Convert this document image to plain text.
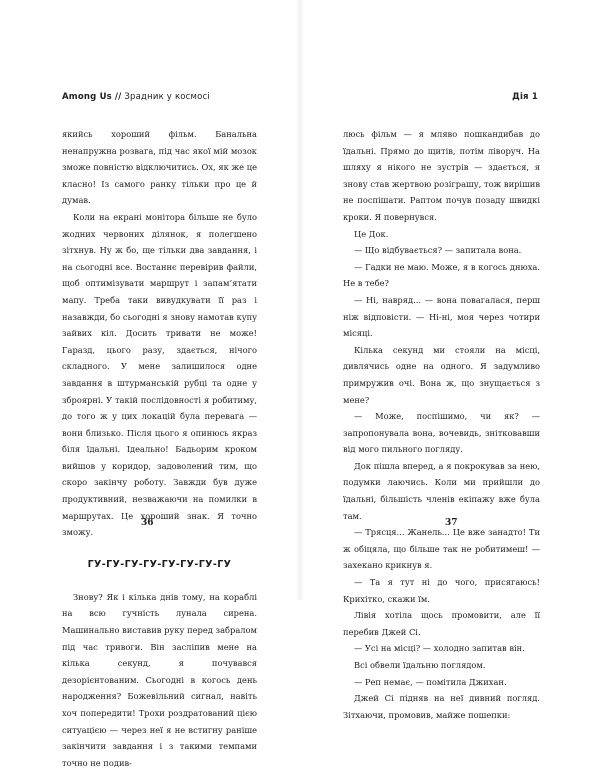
Among Us // Зрадник у космосі

якийсь хороший фільм. Банальна ненапружна розвага, під час якої мій мозок зможе повністю відключитись. Ох, як же це класно! Із самого ранку тільки про це й думав.

Коли на екрані монітора більше не було жодних червоних ділянок, я полегшено зітхнув. Ну ж бо, ще тільки два завдання, і на сьогодні все. Востаннє перевірив файли, щоб оптимізувати маршрут і запам’ятати мапу. Треба таки вивудкувати її раз і назавжди, бо сьогодні я знову намотав купу зайвих кіл. Досить тривати не може! Гаразд, цього разу, здається, нічого складного. У мене залишилося одне завдання в штурманській рубці та одне у зброярні. У такій послідовності я робитиму, до того ж у цих локацій була перевага — вони близько. Після цього я опинюсь якраз біля їдальні. Ідеально! Бадьорим кроком вийшов у коридор, задоволений тим, що скоро закінчу роботу. Завжди був дуже продуктивний, незважаючи на помилки в маршрутах. Це хороший знак. Я точно зможу.

ГУ-ГУ-ГУ-ГУ-ГУ-ГУ-ГУ-ГУ

Знову? Як і кілька днів тому, на кораблі на всю гучність лунала сирена. Машинально виставив руку перед забралом під час тривоги. Він засліпив мене на кілька секунд, я почувався дезорієнтованим. Сьогодні в когось день народження? Божевільний сигнал, навіть хоч попередити! Трохи роздратований цією ситуацією — через неї я не встигну раніше закінчити завдання і з такими темпами точно не подив-

36
Дія 1

люсь фільм — я мляво пошкандибав до їдальні. Прямо до щитів, потім ліворуч. На шляху я нікого не зустрів — здається, я знову став жертвою розіграшу, тож вирішив не поспішати. Раптом почув позаду швидкі кроки. Я повернувся.

Це Док.

— Що відбувається? — запитала вона.

— Гадки не маю. Може, я в когось днюха. Не в тебе?

— Ні, навряд... — вона повагалася, перш ніж відповісти. — Ні-ні, моя через чотири місяці.

Кілька секунд ми стояли на місці, дивлячись одне на одного. Я задумливо примружив очі. Вона ж, що знущається з мене?

— Може, поспішимо, чи як? — запропонувала вона, вочевидь, знітковавши від мого пильного погляду.

Док пішла вперед, а я покрокував за нею, подумки лаючись. Коли ми прийшли до їдальні, більшість членів екіпажу вже була там.

— Трясця... Жанель... Це вже занадто! Ти ж обіцяла, що більше так не робитимеш! — захекано крикнув я.

— Та я тут ні до чого, присягаюсь! Крихітко, скажи їм.

Лівія хотіла щось промовити, але її перебив Джей Сі.

— Усі на місці? — холодно запитав він.

Всі обвели їдальню поглядом.

— Реп немає, — помітила Джихан.

Джей Сі підняв на неї дивний погляд. Зітхаючи, промовив, майже пошепки:

37
